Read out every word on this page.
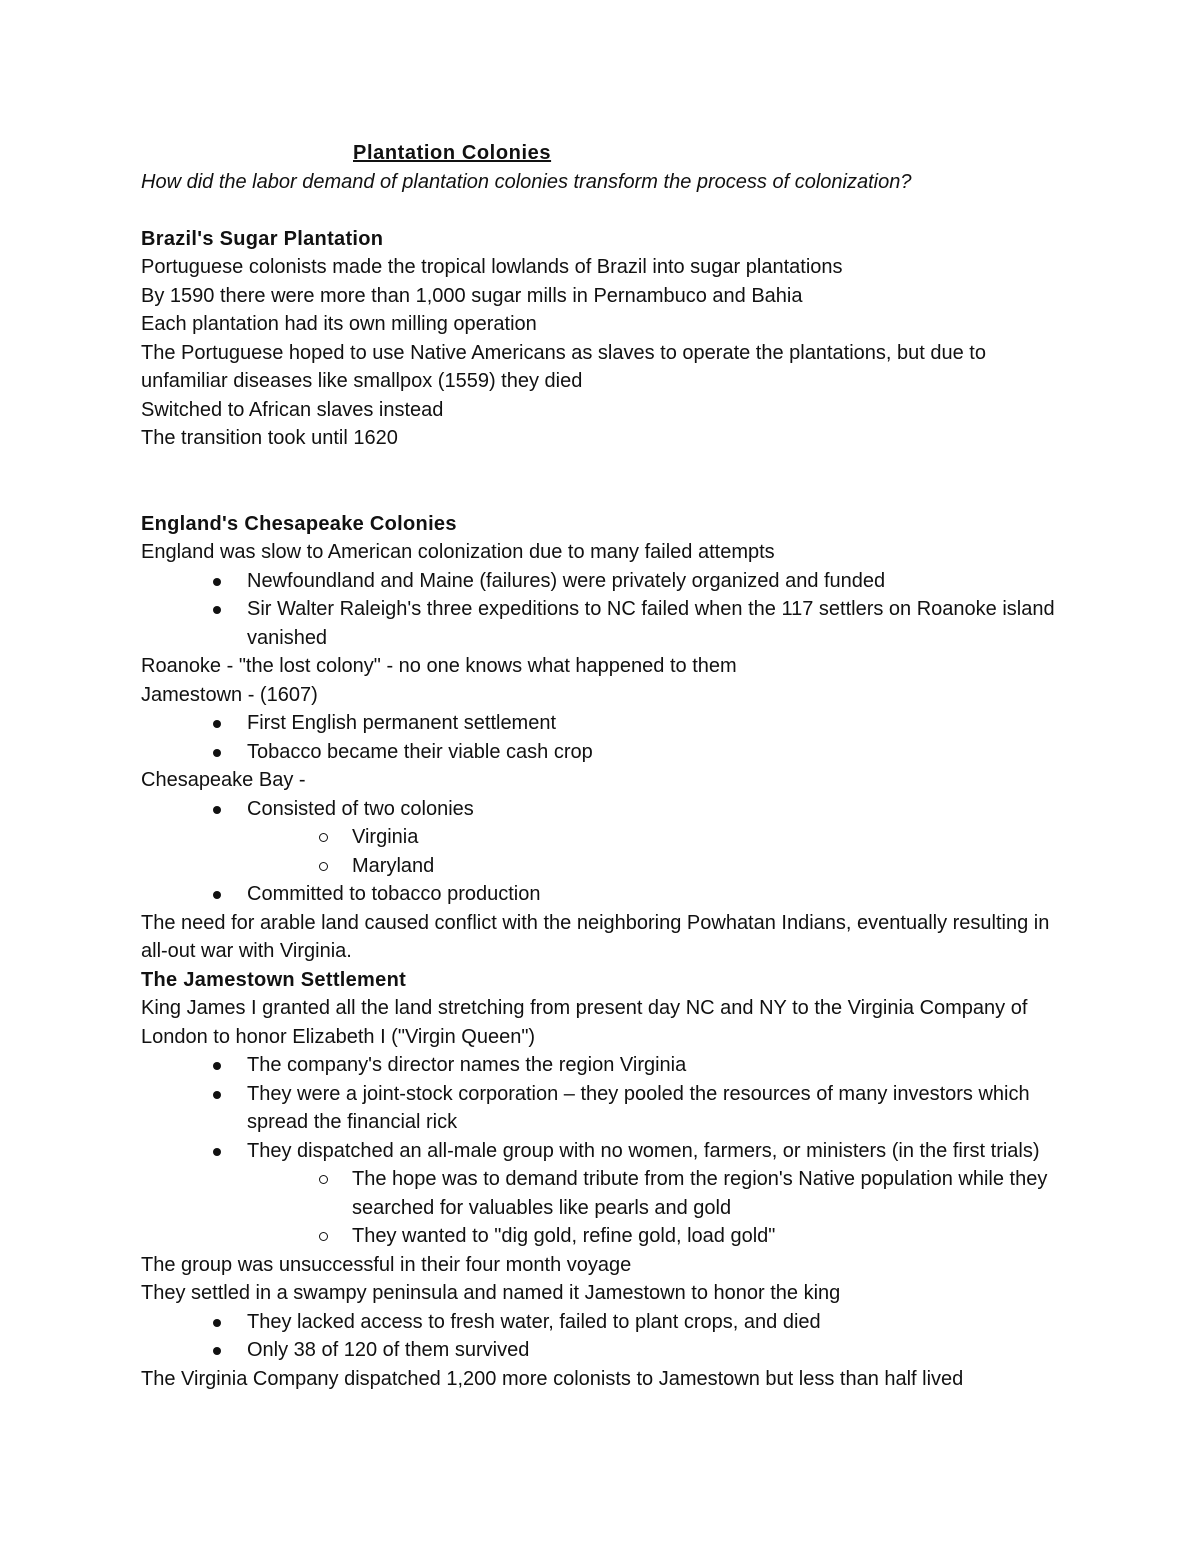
Plantation Colonies

How did the labor demand of plantation colonies transform the process of colonization?

Brazil's Sugar Plantation

Portuguese colonists made the tropical lowlands of Brazil into sugar plantations

By 1590 there were more than 1,000 sugar mills in Pernambuco and Bahia

Each plantation had its own milling operation

The Portuguese hoped to use Native Americans as slaves to operate the plantations, but due to unfamiliar diseases like smallpox (1559) they died

Switched to African slaves instead

The transition took until 1620

England's Chesapeake Colonies

England was slow to American colonization due to many failed attempts

Newfoundland and Maine (failures) were privately organized and funded
Sir Walter Raleigh's three expeditions to NC failed when the 117 settlers on Roanoke island vanished

Roanoke - "the lost colony" - no one knows what happened to them

Jamestown - (1607)

First English permanent settlement
Tobacco became their viable cash crop

Chesapeake Bay -

Consisted of two colonies
Virginia
Maryland
Committed to tobacco production

The need for arable land caused conflict with the neighboring Powhatan Indians, eventually resulting in all-out war with Virginia.

The Jamestown Settlement

King James I granted all the land stretching from present day NC and NY to the Virginia Company of London to honor Elizabeth I ("Virgin Queen")

The company's director names the region Virginia
They were a joint-stock corporation – they pooled the resources of many investors which spread the financial rick
They dispatched an all-male group with no women, farmers, or ministers (in the first trials)
The hope was to demand tribute from the region's Native population while they searched for valuables like pearls and gold
They wanted to "dig gold, refine gold, load gold"

The group was unsuccessful in their four month voyage

They settled in a swampy peninsula and named it Jamestown to honor the king

They lacked access to fresh water, failed to plant crops, and died
Only 38 of 120 of them survived

The Virginia Company dispatched 1,200 more colonists to Jamestown but less than half lived
